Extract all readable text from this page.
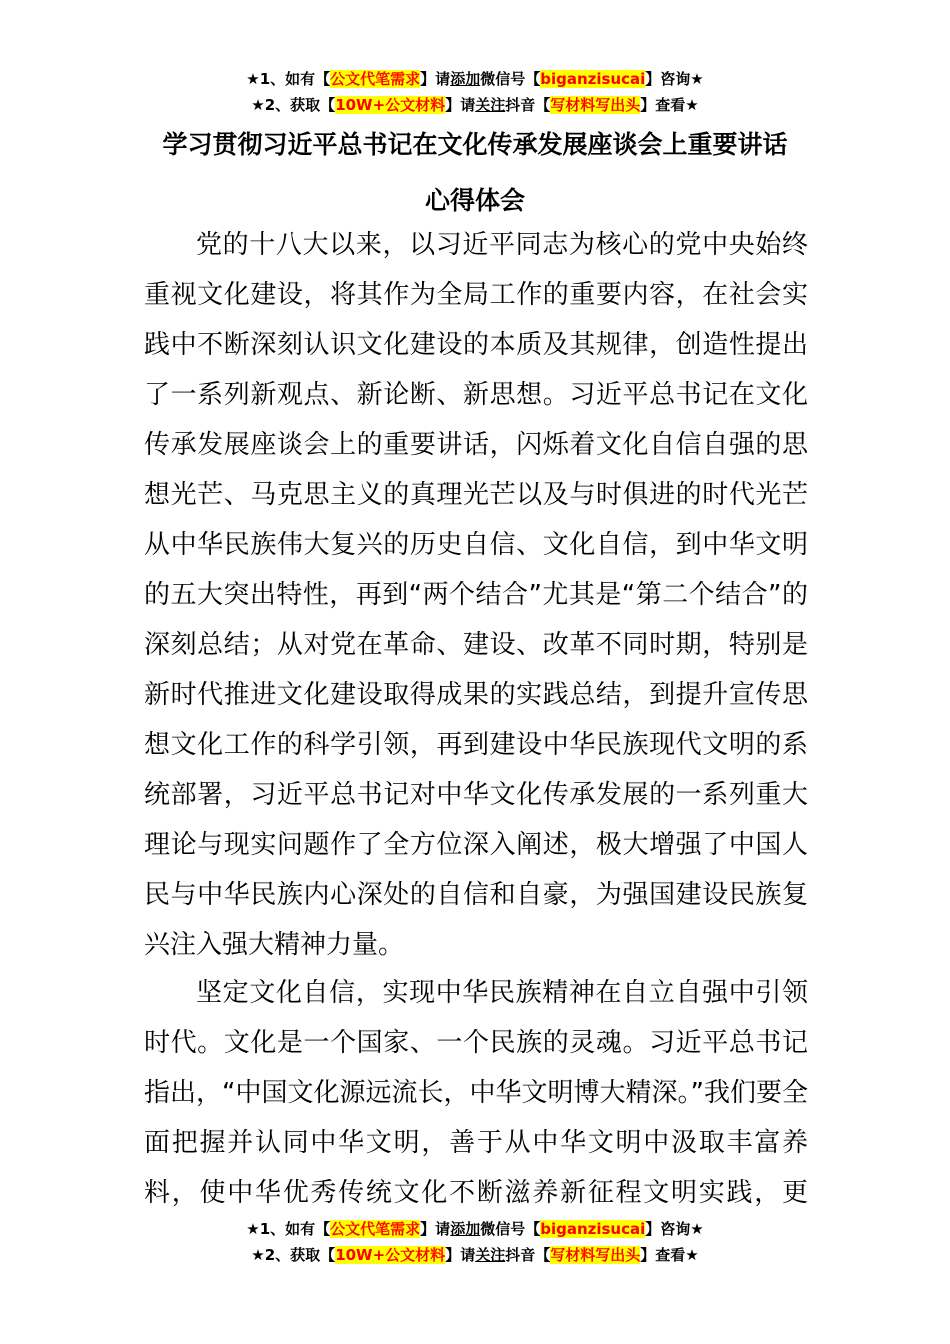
★1、如有【公文代笔需求】请添加微信号【biganzisucai】咨询★
★2、获取【10W+公文材料】请关注抖音【写材料写出头】查看★
学习贯彻习近平总书记在文化传承发展座谈会上重要讲话
心得体会

党的十八大以来，以习近平同志为核心的党中央始终重视文化建设，将其作为全局工作的重要内容，在社会实践中不断深刻认识文化建设的本质及其规律，创造性提出了一系列新观点、新论断、新思想。习近平总书记在文化传承发展座谈会上的重要讲话，闪烁着文化自信自强的思想光芒、马克思主义的真理光芒以及与时俱进的时代光芒从中华民族伟大复兴的历史自信、文化自信，到中华文明的五大突出特性，再到“两个结合”尤其是“第二个结合”的深刻总结；从对党在革命、建设、改革不同时期，特别是新时代推进文化建设取得成果的实践总结，到提升宣传思想文化工作的科学引领，再到建设中华民族现代文明的系统部署，习近平总书记对中华文化传承发展的一系列重大理论与现实问题作了全方位深入阐述，极大增强了中国人民与中华民族内心深处的自信和自豪，为强国建设民族复兴注入强大精神力量。

坚定文化自信，实现中华民族精神在自立自强中引领时代。文化是一个国家、一个民族的灵魂。习近平总书记指出，“中国文化源远流长，中华文明博大精深。”我们要全面把握并认同中华文明，善于从中华文明中汲取丰富养料，使中华优秀传统文化不断滋养新征程文明实践，更

★1、如有【公文代笔需求】请添加微信号【biganzisucai】咨询★
★2、获取【10W+公文材料】请关注抖音【写材料写出头】查看★
